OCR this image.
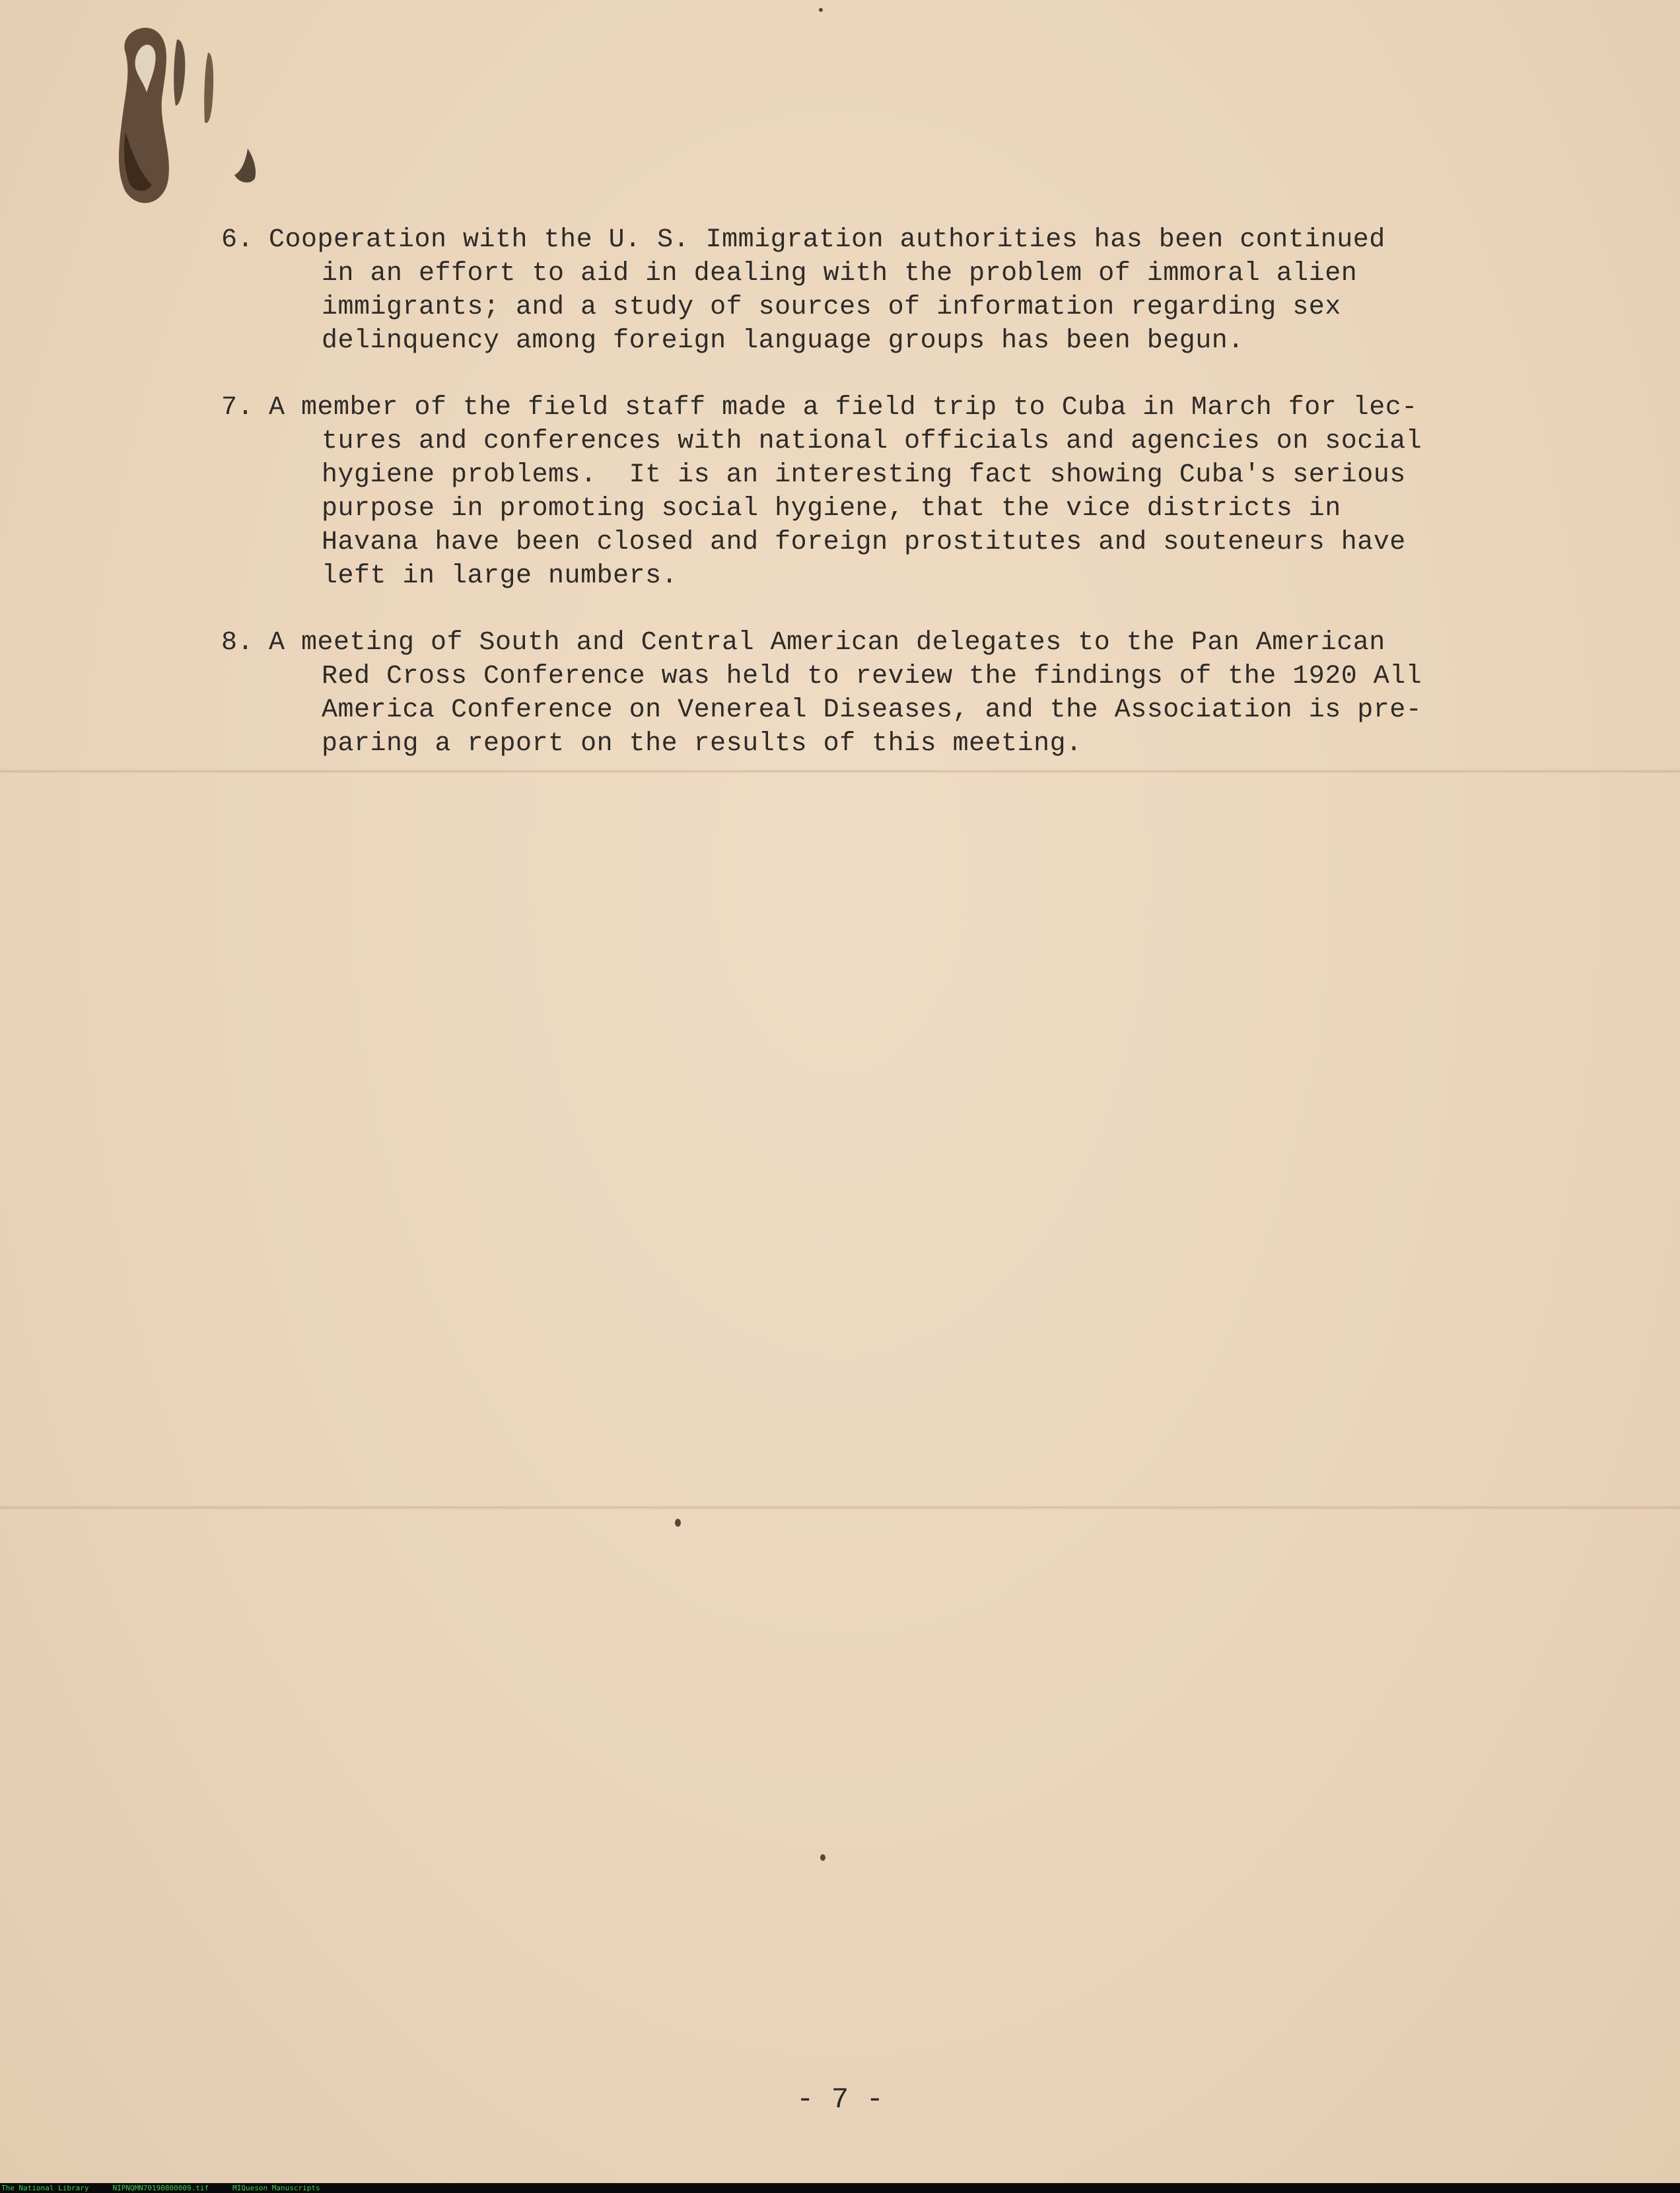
6. Cooperation with the U. S. Immigration authorities has been continued
in an effort to aid in dealing with the problem of immoral alien
immigrants; and a study of sources of information regarding sex
delinquency among foreign language groups has been begun.
7. A member of the field staff made a field trip to Cuba in March for lec-
tures and conferences with national officials and agencies on social
hygiene problems.  It is an interesting fact showing Cuba's serious
purpose in promoting social hygiene, that the vice districts in
Havana have been closed and foreign prostitutes and souteneurs have
left in large numbers.
8. A meeting of South and Central American delegates to the Pan American
Red Cross Conference was held to review the findings of the 1920 All
America Conference on Venereal Diseases, and the Association is pre-
paring a report on the results of this meeting.
- 7 -
The National Library	NIPNQMN70190800009.tif	MIQueson Manuscripts
